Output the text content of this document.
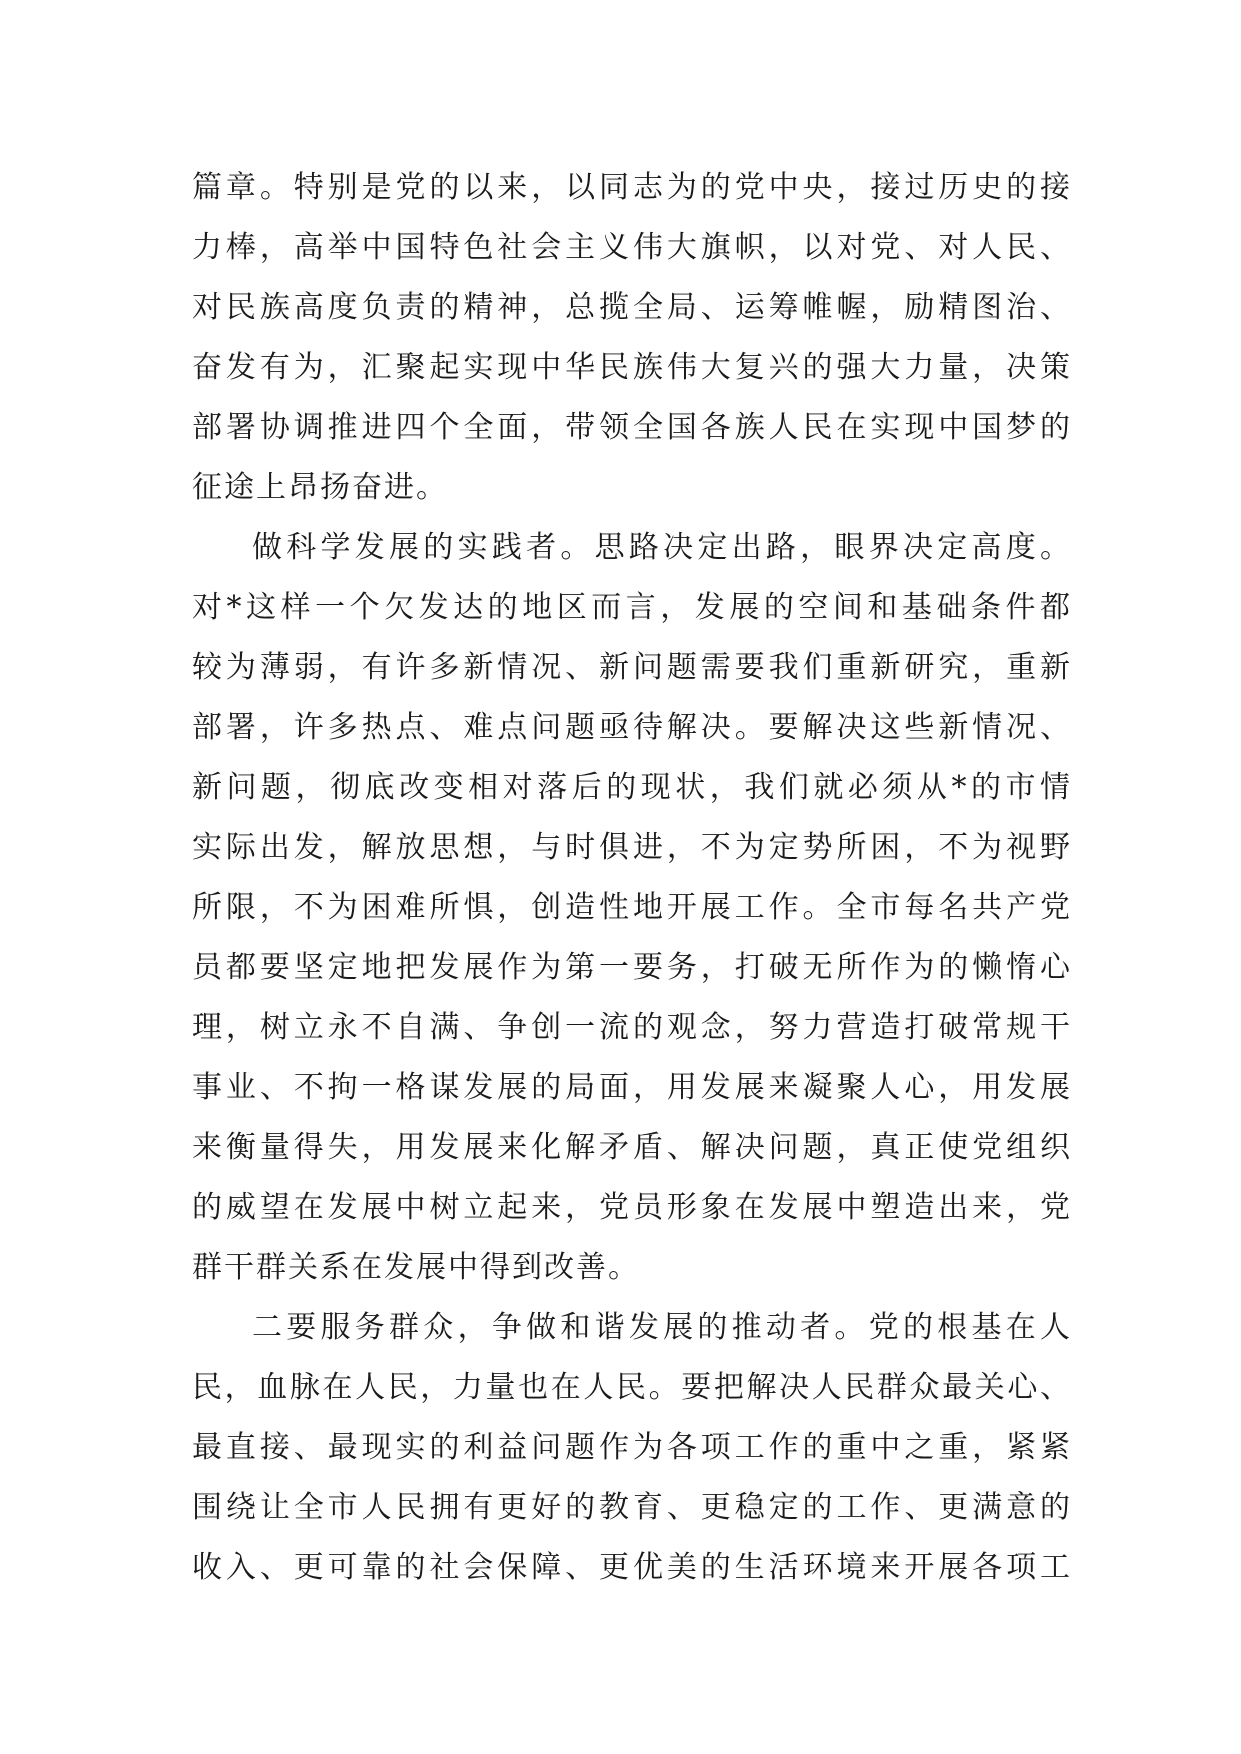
篇章。特别是党的以来，以同志为的党中央，接过历史的接
力棒，高举中国特色社会主义伟大旗帜，以对党、对人民、
对民族高度负责的精神，总揽全局、运筹帷幄，励精图治、
奋发有为，汇聚起实现中华民族伟大复兴的强大力量，决策
部署协调推进四个全面，带领全国各族人民在实现中国梦的
征途上昂扬奋进。
做科学发展的实践者。思路决定出路，眼界决定高度。
对*这样一个欠发达的地区而言，发展的空间和基础条件都
较为薄弱，有许多新情况、新问题需要我们重新研究，重新
部署，许多热点、难点问题亟待解决。要解决这些新情况、
新问题，彻底改变相对落后的现状，我们就必须从*的市情
实际出发，解放思想，与时俱进，不为定势所困，不为视野
所限，不为困难所惧，创造性地开展工作。全市每名共产党
员都要坚定地把发展作为第一要务，打破无所作为的懒惰心
理，树立永不自满、争创一流的观念，努力营造打破常规干
事业、不拘一格谋发展的局面，用发展来凝聚人心，用发展
来衡量得失，用发展来化解矛盾、解决问题，真正使党组织
的威望在发展中树立起来，党员形象在发展中塑造出来，党
群干群关系在发展中得到改善。
二要服务群众，争做和谐发展的推动者。党的根基在人
民，血脉在人民，力量也在人民。要把解决人民群众最关心、
最直接、最现实的利益问题作为各项工作的重中之重，紧紧
围绕让全市人民拥有更好的教育、更稳定的工作、更满意的
收入、更可靠的社会保障、更优美的生活环境来开展各项工
